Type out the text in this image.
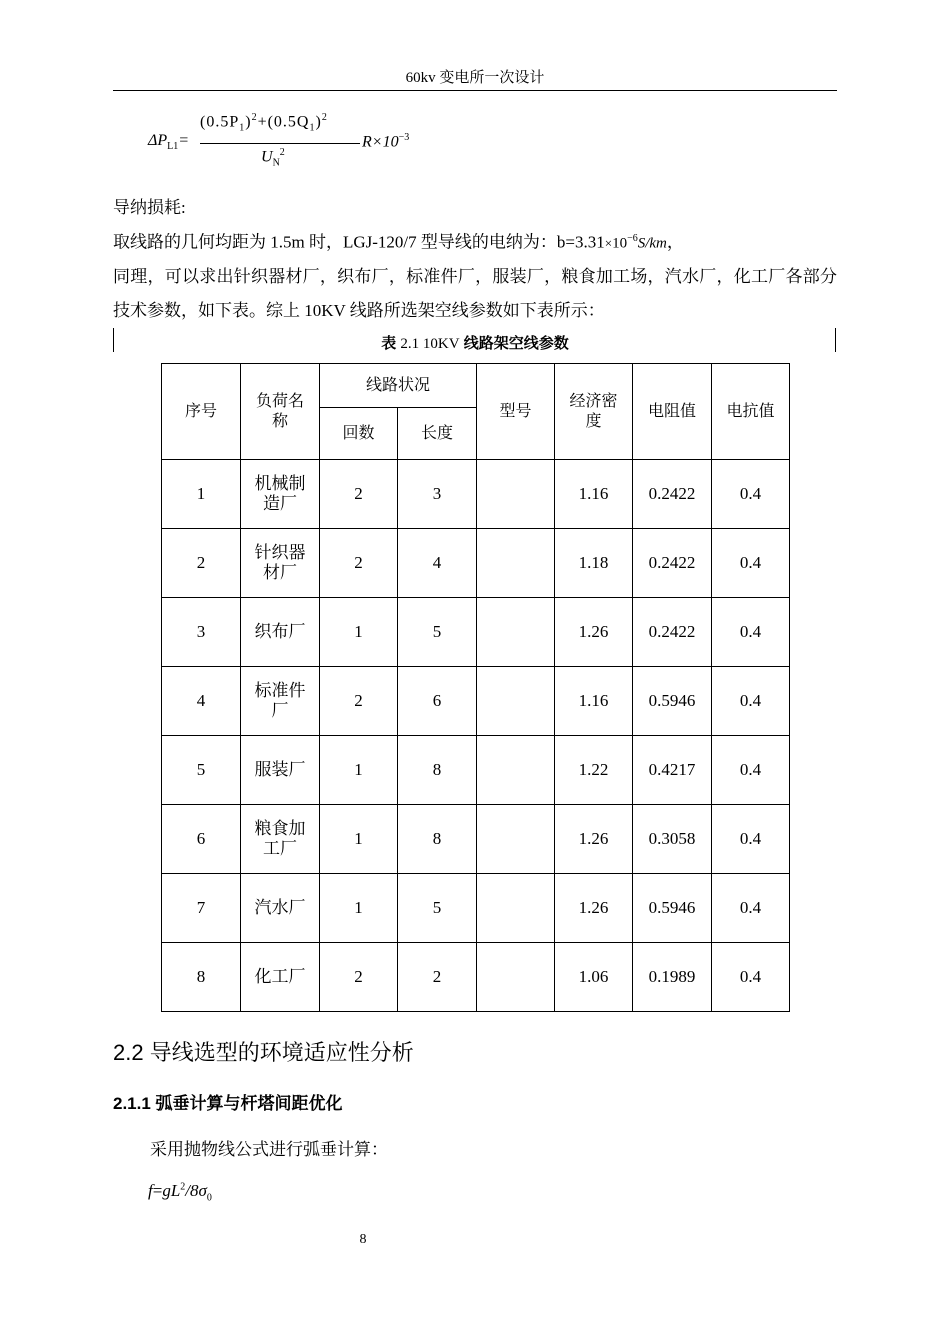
60kv 变电所一次设计
$\Delta P_{L1}=$
$(0.5P_1)^2+(0.5Q_1)^2$
$U_N^2$
$R\times 10^{-3}$
导纳损耗:
取线路的几何均距为 1.5m 时，LGJ-120/7 型导线的电纳为：$b=3.31\times 10^{-6}S/km$，
同理，可以求出针织器材厂，织布厂，标准件厂，服装厂，粮食加工场，汽水厂，化工厂各部分技术参数，如下表。综上 10KV 线路所选架空线参数如下表所示：
表 2.1 10KV 线路架空线参数
序号	负荷名称	线路状况		型号	经济密度	电阻值	电抗值
		回数	长度				
1	机械制造厂	2	3		1.16	0.2422	0.4
2	针织器材厂	2	4		1.18	0.2422	0.4
3	织布厂	1	5		1.26	0.2422	0.4
4	标准件厂	2	6		1.16	0.5946	0.4
5	服装厂	1	8		1.22	0.4217	0.4
6	粮食加工厂	1	8		1.26	0.3058	0.4
7	汽水厂	1	5		1.26	0.5946	0.4
8	化工厂	2	2		1.06	0.1989	0.4
2.2 导线选型的环境适应性分析
2.1.1 弧垂计算与杆塔间距优化
采用抛物线公式进行弧垂计算：
$f=gL^2/8\sigma_0$
8
